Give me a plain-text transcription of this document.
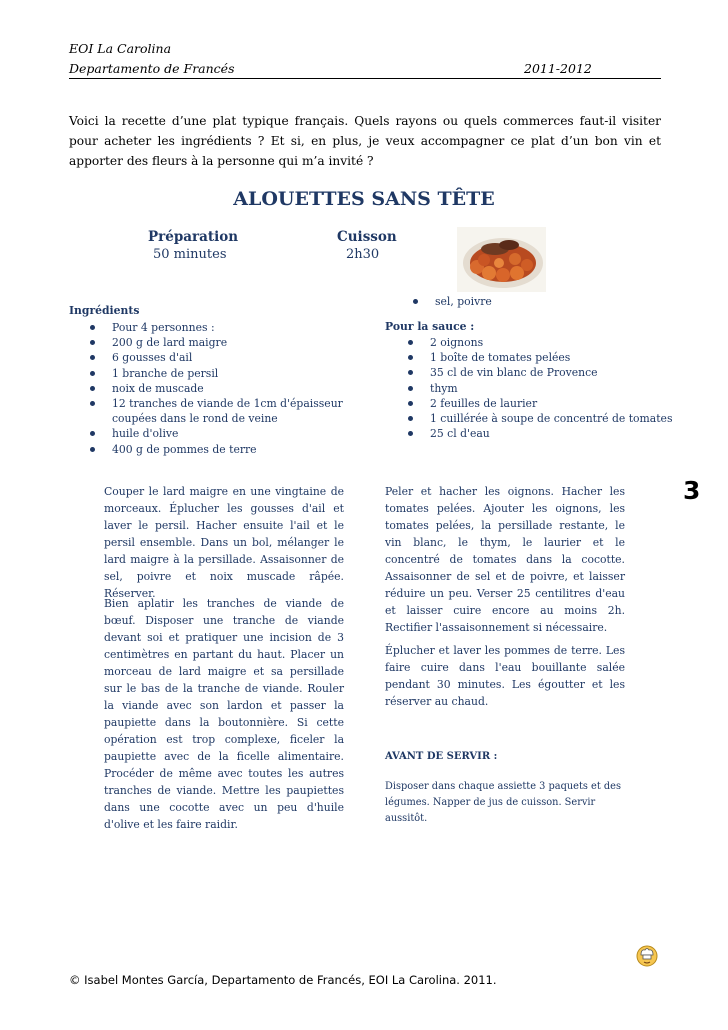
EOI La Carolina
Departamento de Francés	2011-2012
Voici la recette d’une plat typique français. Quels rayons ou quels commerces faut-il visiter pour acheter les ingrédients ? Et si, en plus, je veux accompagner ce plat d’un bon vin et apporter des fleurs à la personne qui m’a invité ?
ALOUETTES SANS TÊTE
Préparation
50 minutes
Cuisson
2h30
sel, poivre
Ingrédients
Pour 4 personnes :
200 g de lard maigre
6 gousses d'ail
1 branche de persil
noix de muscade
12 tranches de viande de 1cm d'épaisseur coupées dans le rond de veine
huile d'olive
400 g de pommes de terre
Pour la sauce :
2 oignons
1 boîte de tomates pelées
35 cl de vin blanc de Provence
thym
2 feuilles de laurier
1 cuillérée à soupe de concentré de tomates
25 cl d'eau
Couper le lard maigre en une vingtaine de morceaux. Éplucher les gousses d'ail et laver le persil. Hacher ensuite l'ail et le persil ensemble. Dans un bol, mélanger le lard maigre à la persillade. Assaisonner de sel, poivre et noix muscade râpée. Réserver.
Bien aplatir les tranches de viande de bœuf. Disposer une tranche de viande devant soi et pratiquer une incision de 3 centimètres en partant du haut. Placer un morceau de lard maigre et sa persillade sur le bas de la tranche de viande. Rouler la viande avec son lardon et passer la paupiette dans la boutonnière. Si cette opération est trop complexe, ficeler la paupiette avec de la ficelle alimentaire. Procéder de même avec toutes les autres tranches de viande. Mettre les paupiettes dans une cocotte avec un peu d'huile d'olive et les faire raidir.
Peler et hacher les oignons. Hacher les tomates pelées. Ajouter les oignons, les tomates pelées, la persillade restante, le vin blanc, le thym, le laurier et le concentré de tomates dans la cocotte. Assaisonner de sel et de poivre, et laisser réduire un peu. Verser 25 centilitres d'eau et laisser cuire encore au moins 2h. Rectifier l'assaisonnement si nécessaire.
Éplucher et laver les pommes de terre. Les faire cuire dans l'eau bouillante salée pendant 30 minutes. Les égoutter et les réserver au chaud.
AVANT DE SERVIR :
Disposer dans chaque assiette 3 paquets et des légumes. Napper de jus de cuisson. Servir aussitôt.
3
© Isabel Montes García, Departamento de Francés, EOI La Carolina. 2011.
